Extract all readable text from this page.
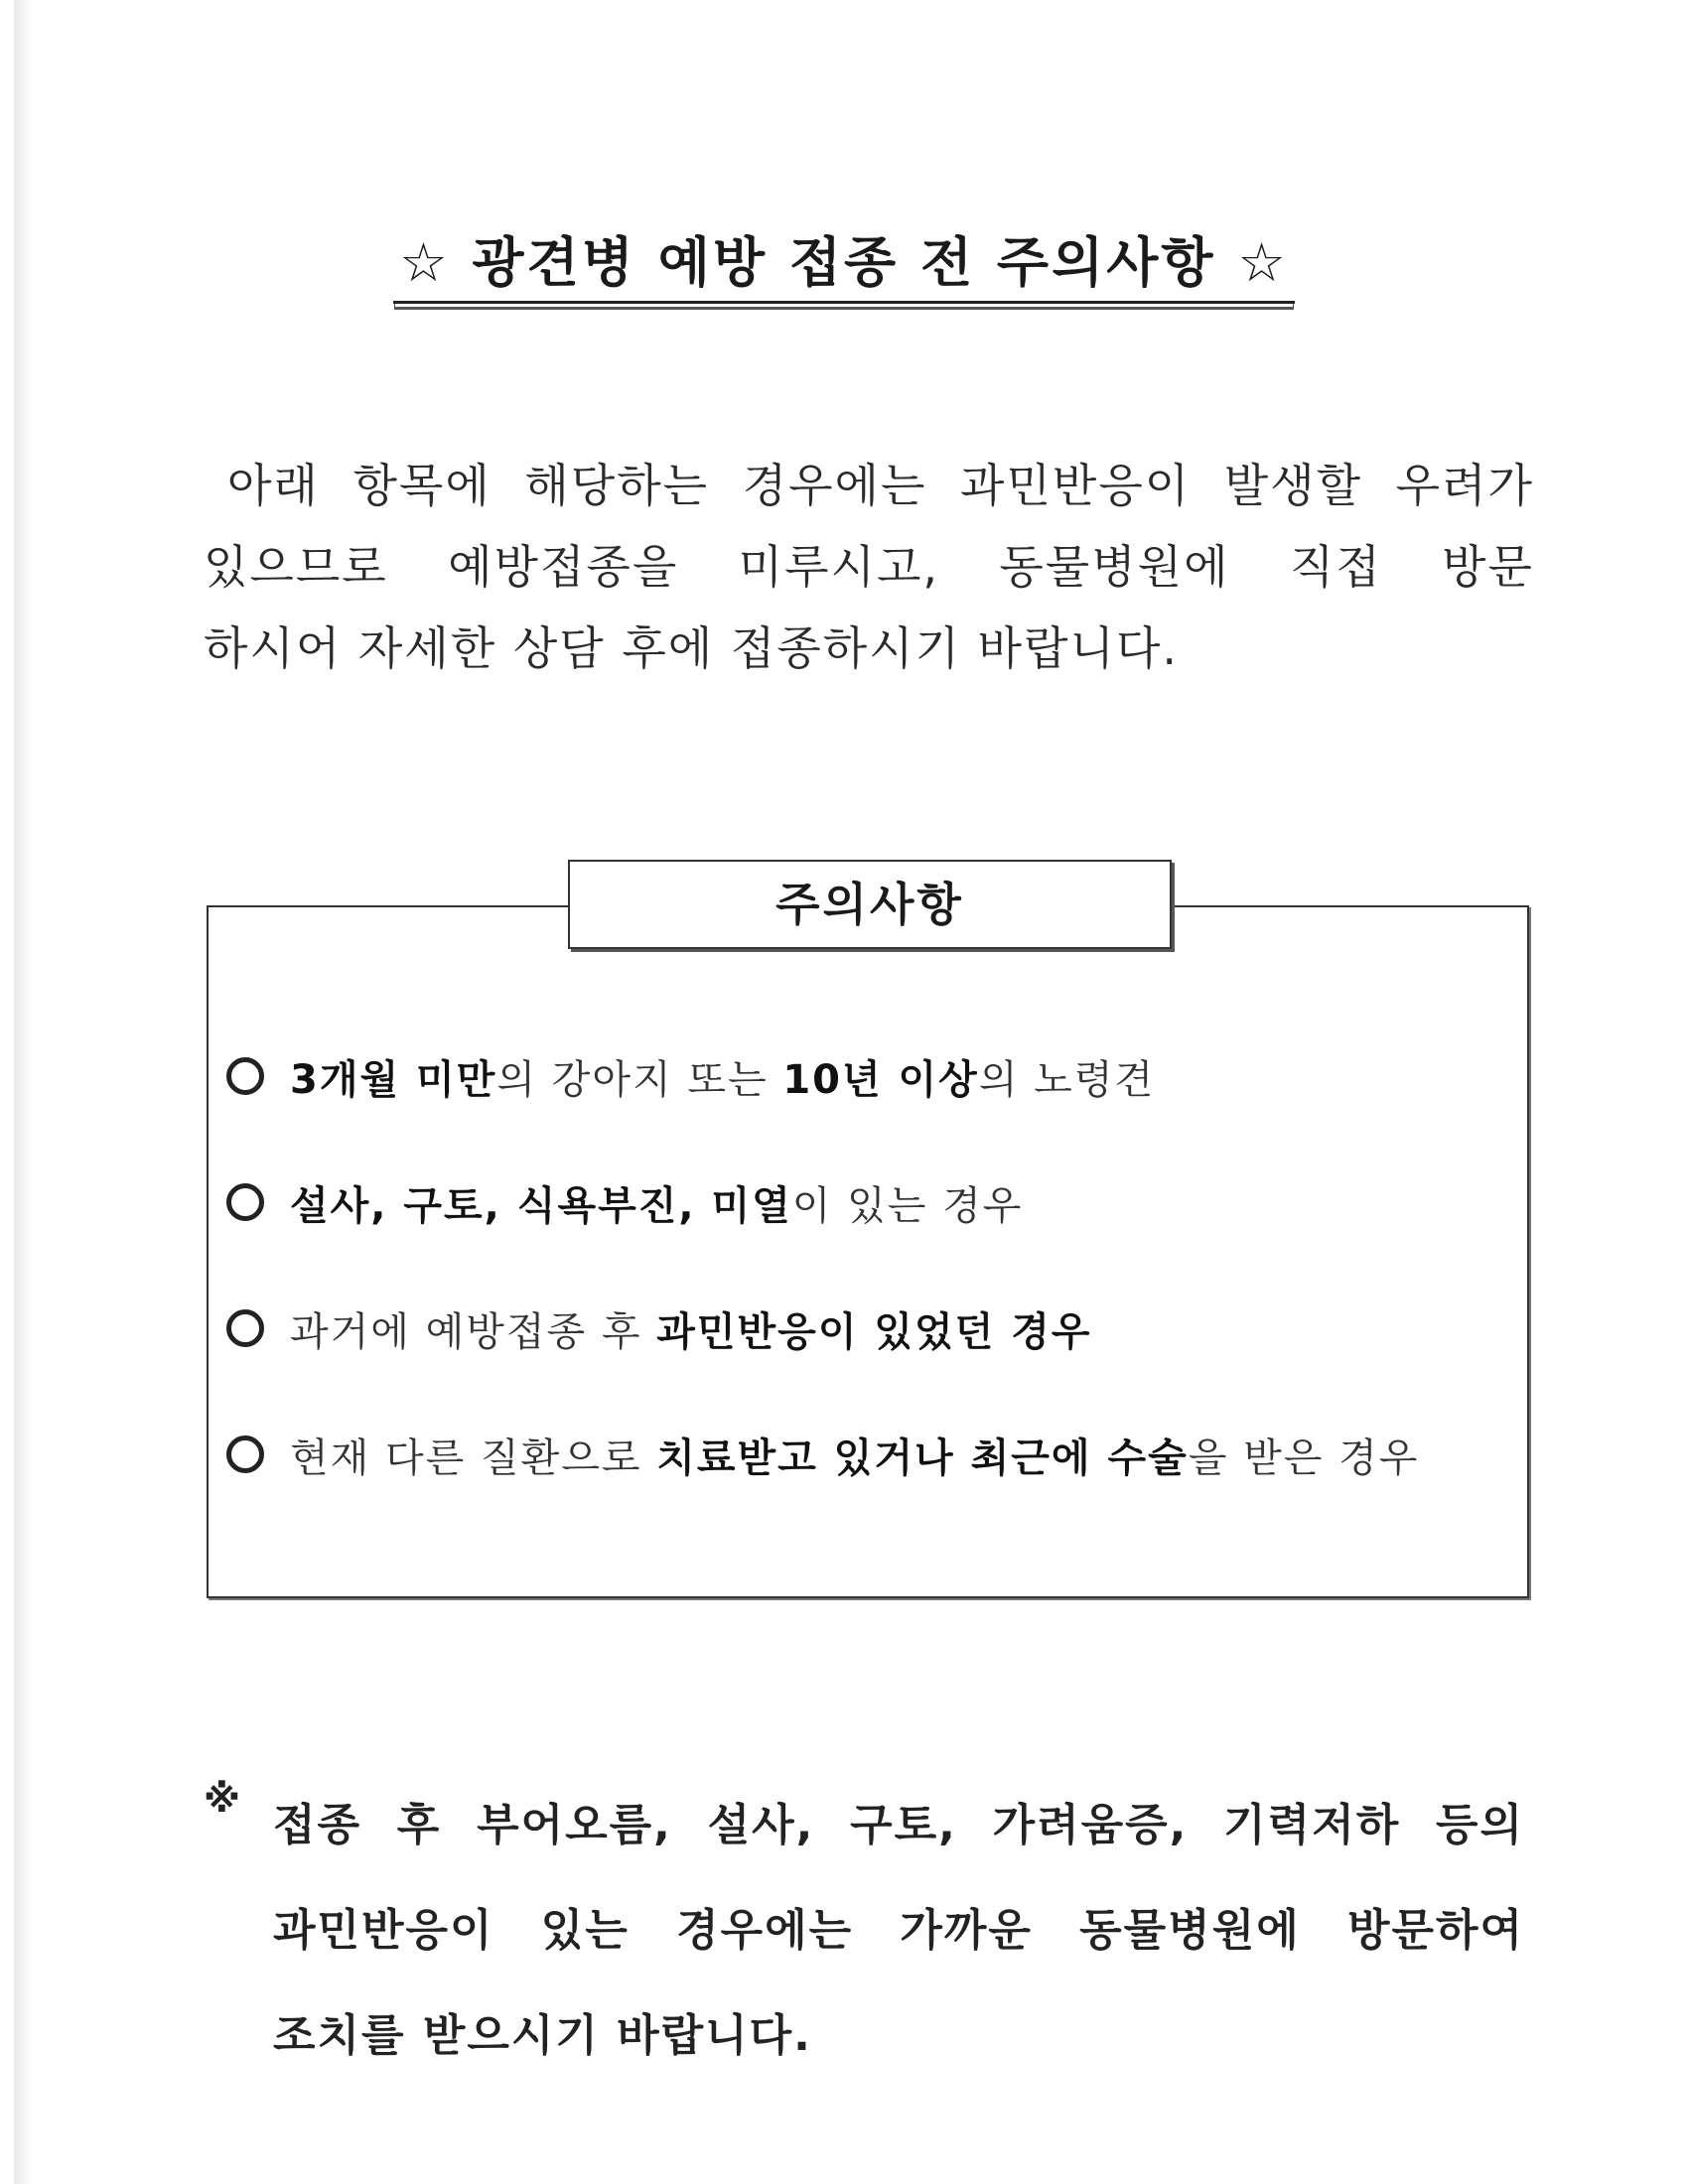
☆ 광견병 예방 접종 전 주의사항 ☆
아래 항목에 해당하는 경우에는 과민반응이 발생할 우려가
있으므로 예방접종을 미루시고, 동물병원에 직접 방문
하시어 자세한 상담 후에 접종하시기 바랍니다.
주의사항
3개월 미만의 강아지 또는 10년 이상의 노령견
설사, 구토, 식욕부진, 미열이 있는 경우
과거에 예방접종 후 과민반응이 있었던 경우
현재 다른 질환으로 치료받고 있거나 최근에 수술을 받은 경우
※
접종 후 부어오름, 설사, 구토, 가려움증, 기력저하 등의
과민반응이 있는 경우에는 가까운 동물병원에 방문하여
조치를 받으시기 바랍니다.
